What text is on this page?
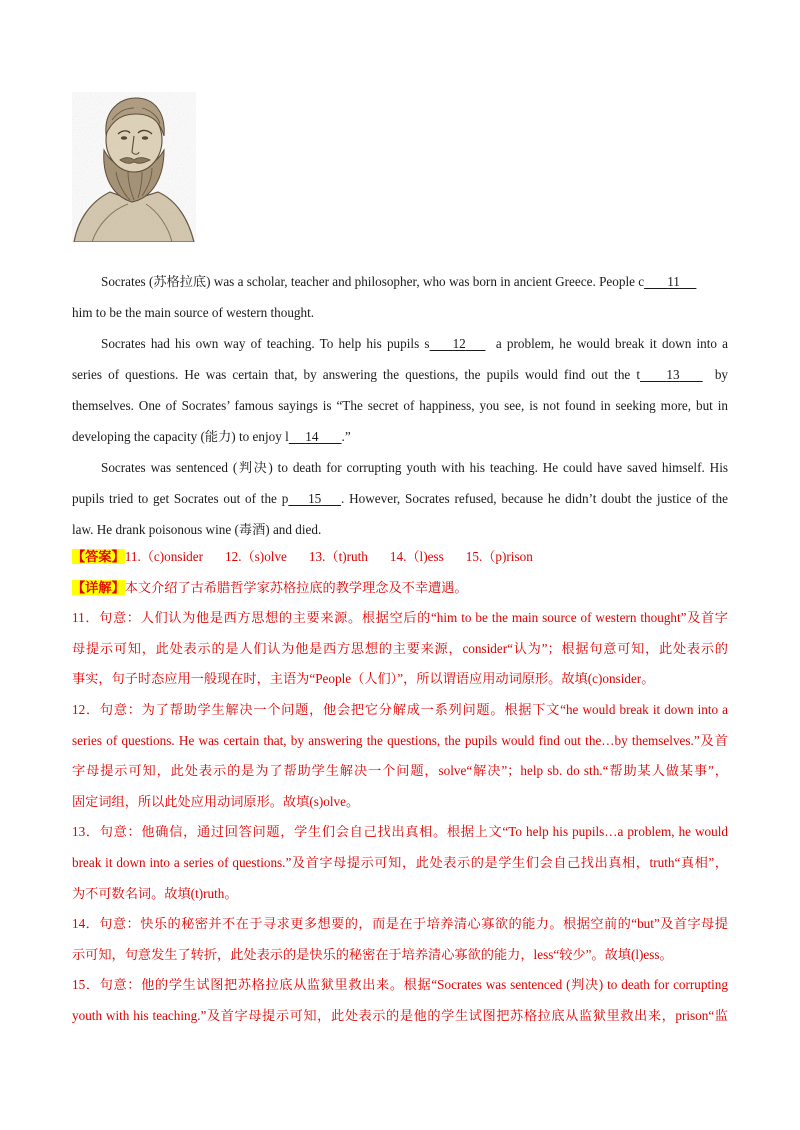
Socrates (苏格拉底) was a scholar, teacher and philosopher, who was born in ancient Greece. People c 11
him to be the main source of western thought.
Socrates had his own way of teaching. To help his pupils s 12 a problem, he would break it down into a
series of questions. He was certain that, by answering the questions, the pupils would find out the t 13	by
themselves. One of Socrates’ famous sayings is “The secret of happiness, you see, is not found in seeking more, but in
developing the capacity (能力) to enjoy l 14 .”
Socrates was sentenced (判决) to death for corrupting youth with his teaching. He could have saved himself. His
pupils tried to get Socrates out of the p 15 . However, Socrates refused, because he didn’t doubt the justice of the
law. He drank poisonous wine (毒酒) and died.
【答案】11.（c)onsider 12.（s)olve 13.（t)ruth 14.（l)ess 15.（p)rison
【详解】本文介绍了古希腊哲学家苏格拉底的教学理念及不幸遭遇。
11．句意：人们认为他是西方思想的主要来源。根据空后的“him to be the main source of western thought”及首字
母提示可知，此处表示的是人们认为他是西方思想的主要来源，consider“认为”；根据句意可知，此处表示的
事实，句子时态应用一般现在时，主语为“People（人们）”，所以谓语应用动词原形。故填(c)onsider。
12．句意：为了帮助学生解决一个问题，他会把它分解成一系列问题。根据下文“he would break it down into a
series of questions. He was certain that, by answering the questions, the pupils would find out the…by themselves.”及首
字母提示可知，此处表示的是为了帮助学生解决一个问题，solve“解决”；help sb. do sth.“帮助某人做某事”，
固定词组，所以此处应用动词原形。故填(s)olve。
13．句意：他确信，通过回答问题，学生们会自己找出真相。根据上文“To help his pupils…a problem, he would
break it down into a series of questions.”及首字母提示可知，此处表示的是学生们会自己找出真相，truth“真相”，
为不可数名词。故填(t)ruth。
14．句意：快乐的秘密并不在于寻求更多想要的，而是在于培养清心寡欲的能力。根据空前的“but”及首字母提
示可知，句意发生了转折，此处表示的是快乐的秘密在于培养清心寡欲的能力，less“较少”。故填(l)ess。
15．句意：他的学生试图把苏格拉底从监狱里救出来。根据“Socrates was sentenced (判决) to death for corrupting
youth with his teaching.”及首字母提示可知，此处表示的是他的学生试图把苏格拉底从监狱里救出来，prison“监
